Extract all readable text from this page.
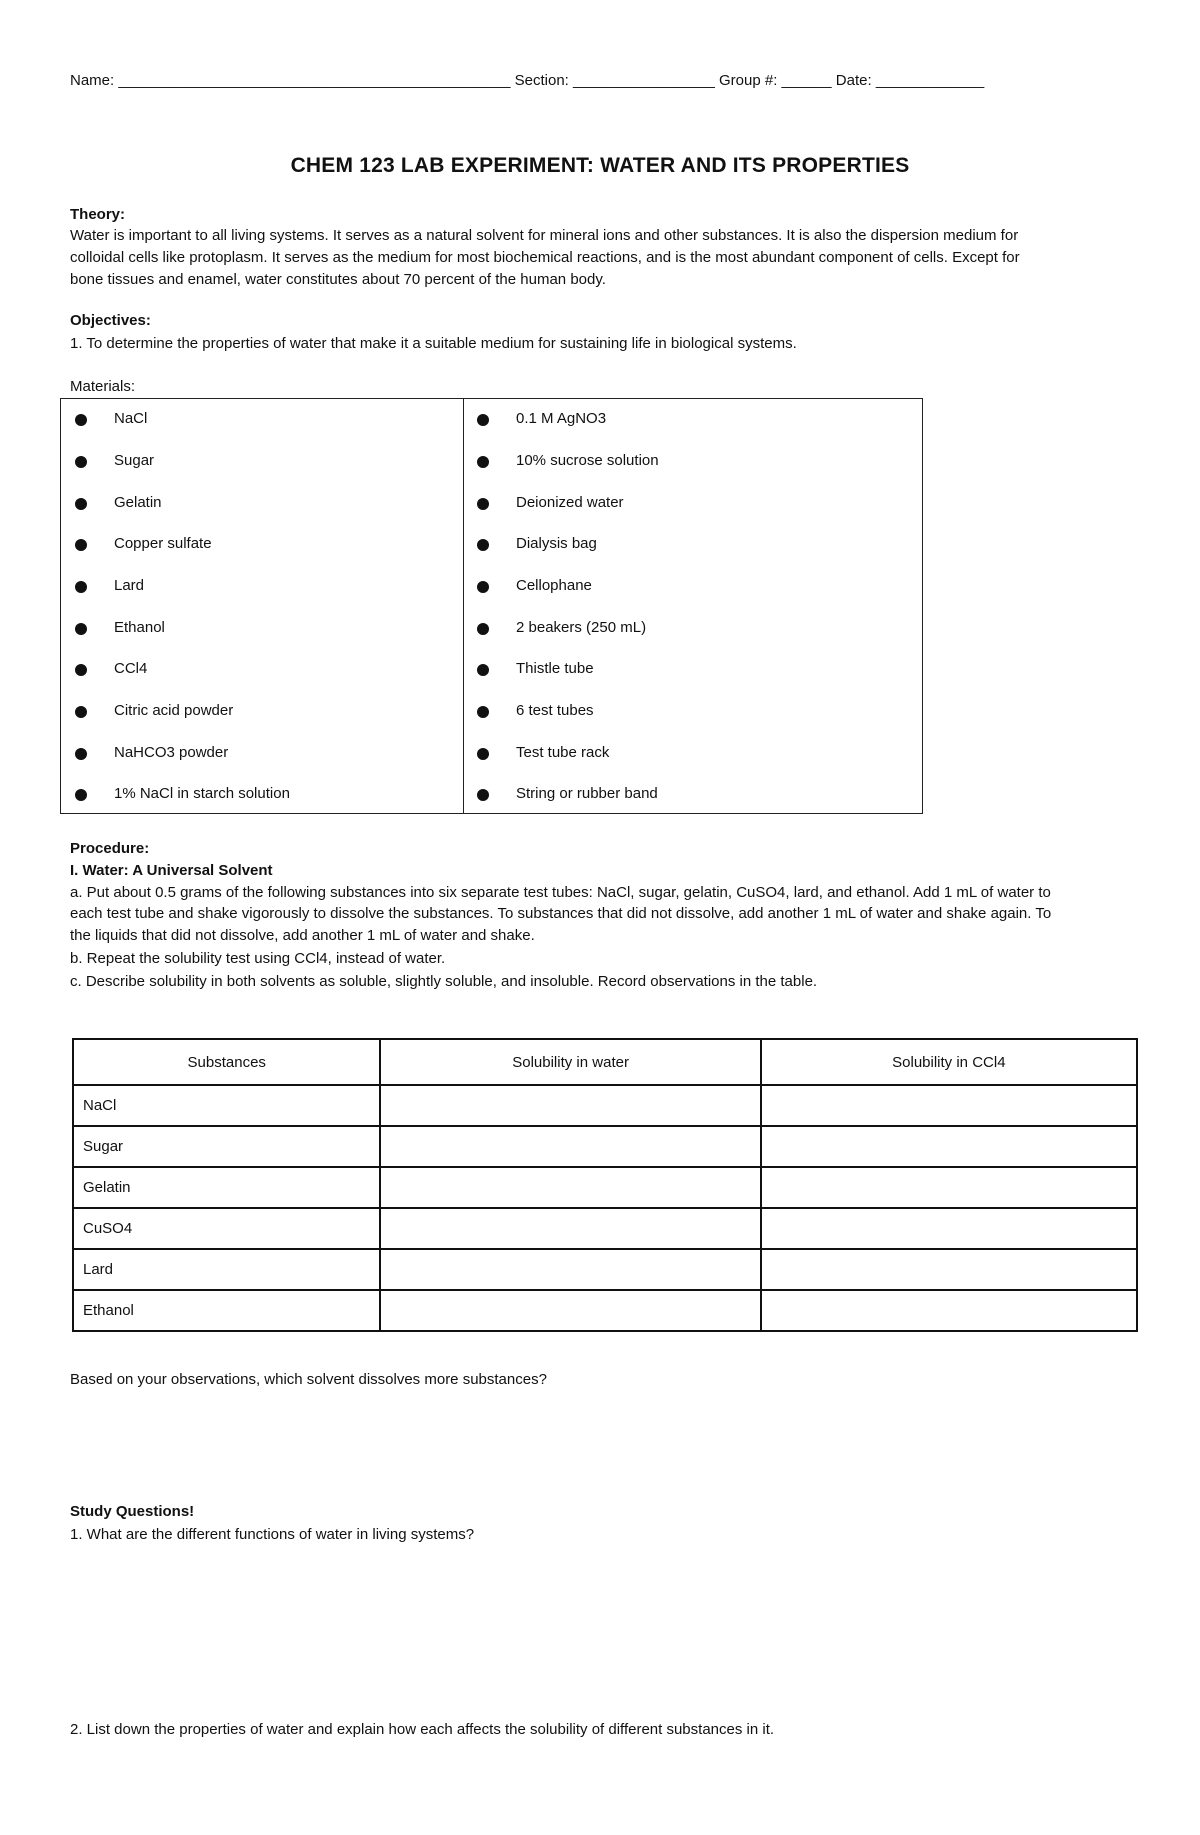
Name: _______________________________________________ Section: _________________ Group #: ______ Date: _____________
CHEM 123 LAB EXPERIMENT: WATER AND ITS PROPERTIES
Theory:
Water is important to all living systems. It serves as a natural solvent for mineral ions and other substances. It is also the dispersion medium for
colloidal cells like protoplasm. It serves as the medium for most biochemical reactions, and is the most abundant component of cells. Except for
bone tissues and enamel, water constitutes about 70 percent of the human body.
Objectives:
1. To determine the properties of water that make it a suitable medium for sustaining life in biological systems.
Materials:
NaCl
Sugar
Gelatin
Copper sulfate
Lard
Ethanol
CCl4
Citric acid powder
NaHCO3 powder
1% NaCl in starch solution
0.1 M AgNO3
10% sucrose solution
Deionized water
Dialysis bag
Cellophane
2 beakers (250 mL)
Thistle tube
6 test tubes
Test tube rack
String or rubber band
Procedure:
I. Water: A Universal Solvent
a. Put about 0.5 grams of the following substances into six separate test tubes: NaCl, sugar, gelatin, CuSO4, lard, and ethanol. Add 1 mL of water to
each test tube and shake vigorously to dissolve the substances. To substances that did not dissolve, add another 1 mL of water and shake again. To
the liquids that did not dissolve, add another 1 mL of water and shake.
b. Repeat the solubility test using CCl4, instead of water.
c. Describe solubility in both solvents as soluble, slightly soluble, and insoluble. Record observations in the table.
Substances	Solubility in water	Solubility in CCl4
NaCl		
Sugar		
Gelatin		
CuSO4		
Lard		
Ethanol		
Based on your observations, which solvent dissolves more substances?
Study Questions!
1. What are the different functions of water in living systems?
2. List down the properties of water and explain how each affects the solubility of different substances in it.
